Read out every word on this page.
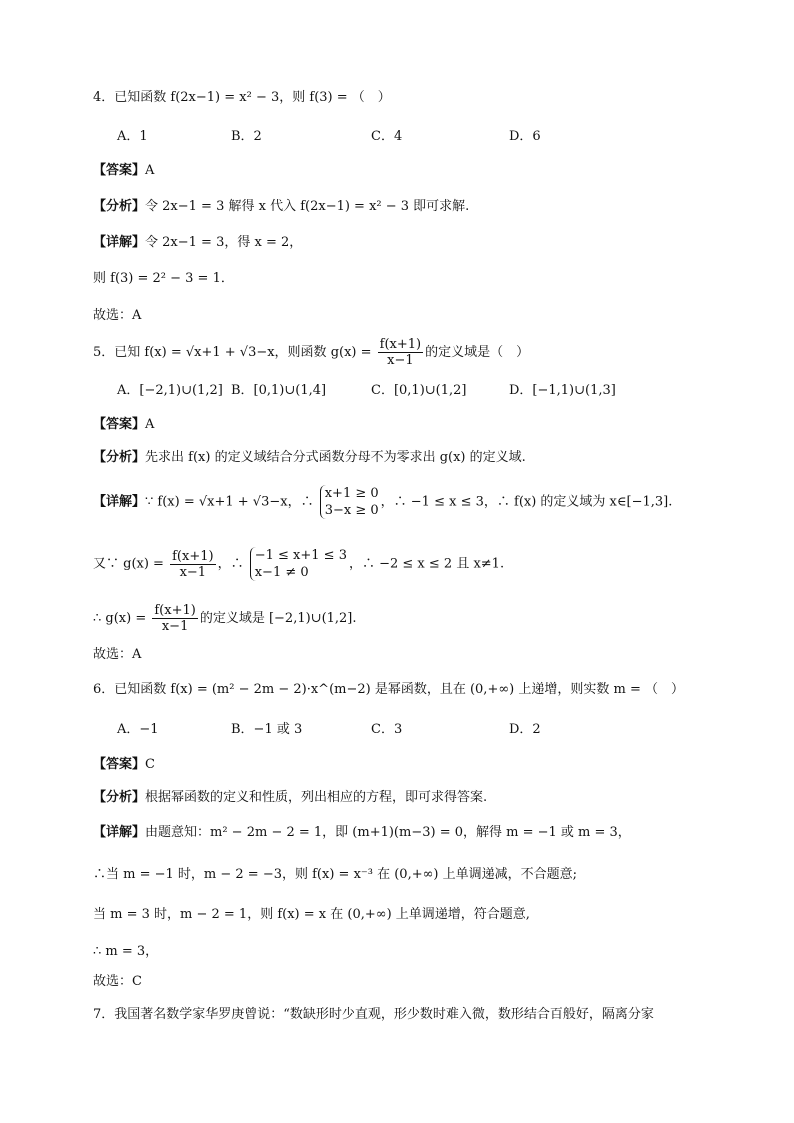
4．已知函数 f(2x−1) = x² − 3，则 f(3) = （　）
A．1	B．2	C．4	D．6
【答案】A
【分析】令 2x−1 = 3 解得 x 代入 f(2x−1) = x² − 3 即可求解.
【详解】令 2x−1 = 3，得 x = 2，
则 f(3) = 2² − 3 = 1．
故选：A
5．已知 f(x) = √x+1 + √3−x，则函数 $g(x) = \frac{f(x+1)}{x-1}$ 的定义域是（　）
A．[−2,1)∪(1,2] B．[0,1)∪(1,4]	C．[0,1)∪(1,2]	D．[−1,1)∪(1,3]
【答案】A
【分析】先求出 f(x) 的定义域结合分式函数分母不为零求出 g(x) 的定义域.
【详解】∵ f(x) = √x+1 + √3−x，∴
x+1 ≥ 0
3−x ≥ 0
，∴ −1 ≤ x ≤ 3，∴ f(x) 的定义域为 x∈[−1,3].
又∵ $g(x) = \frac{f(x+1)}{x-1}$ ，∴
−1 ≤ x+1 ≤ 3
x−1 ≠ 0
，∴ −2 ≤ x ≤ 2 且 x≠1.
∴ $g(x) = \frac{f(x+1)}{x-1}$ 的定义域是 [−2,1)∪(1,2].
故选：A
6．已知函数 f(x) = (m² − 2m − 2)·x^(m−2) 是幂函数，且在 (0,+∞) 上递增，则实数 m = （　）
A．−1	B．−1 或 3	C．3	D．2
【答案】C
【分析】根据幂函数的定义和性质，列出相应的方程，即可求得答案.
【详解】由题意知：m² − 2m − 2 = 1，即 (m+1)(m−3) = 0，解得 m = −1 或 m = 3，
∴当 m = −1 时，m − 2 = −3，则 f(x) = x⁻³ 在 (0,+∞) 上单调递减，不合题意;
当 m = 3 时，m − 2 = 1，则 f(x) = x 在 (0,+∞) 上单调递增，符合题意,
∴ m = 3，
故选：C
7．我国著名数学家华罗庚曾说：“数缺形时少直观，形少数时难入微，数形结合百般好，隔离分家
